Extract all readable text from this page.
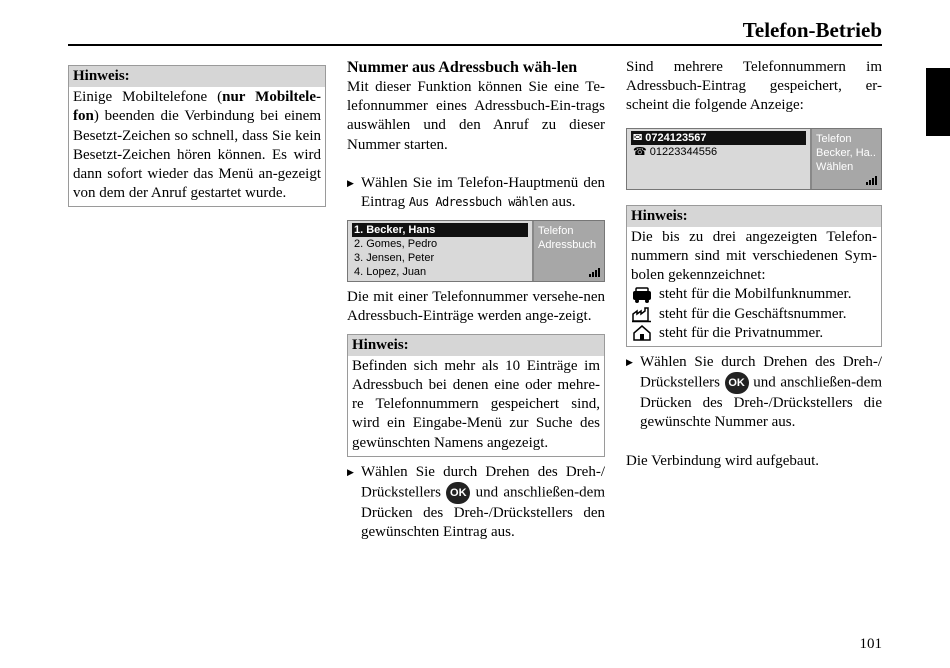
Telefon-Betrieb
Hinweis:
Einige Mobiltelefone (nur Mobiltele-fon) beenden die Verbindung bei einem Besetzt-Zeichen so schnell, dass Sie kein Besetzt-Zeichen hören können. Es wird dann sofort wieder das Menü an-gezeigt von dem der Anruf gestartet wurde.
Nummer aus Adressbuch wäh-len

Mit dieser Funktion können Sie eine Te-lefonnummer eines Adressbuch-Ein-trags auswählen und den Anruf zu dieser Nummer starten.

▶ Wählen Sie im Telefon-Hauptmenü den Eintrag Aus Adressbuch wählen aus.
1. Becker, Hans
2. Gomes, Pedro
3. Jensen, Peter
4. Lopez, Juan
Telefon
Adressbuch

Die mit einer Telefonnummer versehe-nen Adressbuch-Einträge werden ange-zeigt.

Hinweis:
Befinden sich mehr als 10 Einträge im Adressbuch bei denen eine oder mehre-re Telefonnummern gespeichert sind, wird ein Eingabe-Menü zur Suche des gewünschten Namens angezeigt.
▶ Wählen Sie durch Drehen des Dreh-/ Drückstellers OK und anschließen-dem Drücken des Dreh-/Drückstellers den gewünschten Eintrag aus.

Sind mehrere Telefonnummern im Adressbuch-Eintrag gespeichert, er-scheint die folgende Anzeige:

✉ 0724123567
☎ 01223344556
Telefon
Becker, Ha..
Wählen
Hinweis:
Die bis zu drei angezeigten Telefon-nummern sind mit verschiedenen Sym-bolen gekennzeichnet:
steht für die Mobilfunknummer.
steht für die Geschäftsnummer.
steht für die Privatnummer.
▶ Wählen Sie durch Drehen des Dreh-/ Drückstellers OK und anschließen-dem Drücken des Dreh-/Drückstellers die gewünschte Nummer aus.

Die Verbindung wird aufgebaut.

101
